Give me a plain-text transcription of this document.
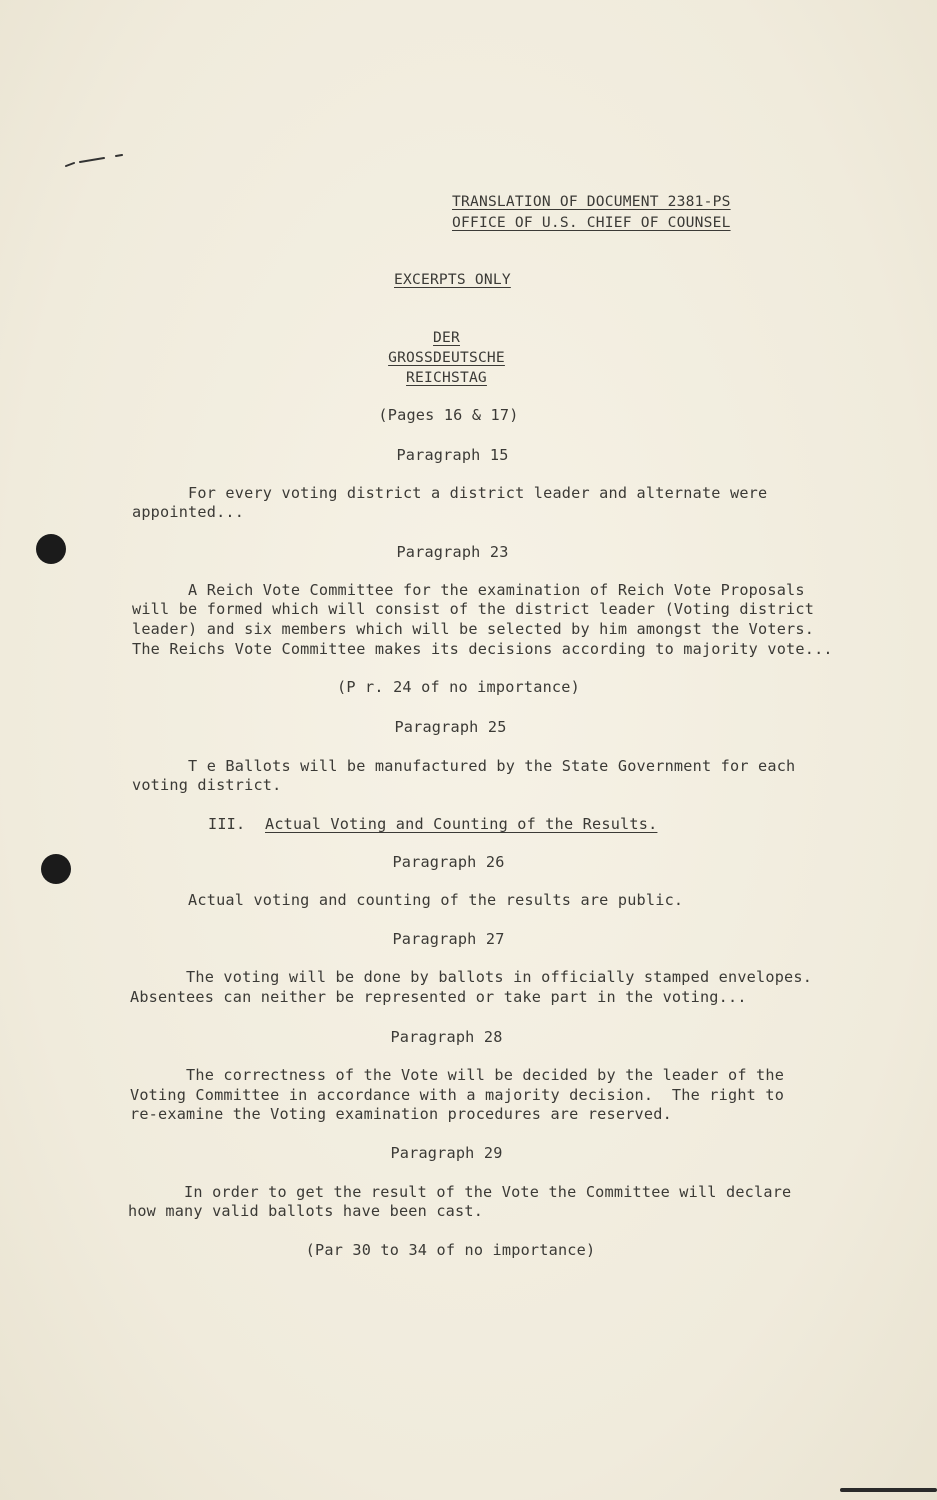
TRANSLATION OF DOCUMENT 2381-PS
OFFICE OF U.S. CHIEF OF COUNSEL
EXCERPTS ONLY
DER
GROSSDEUTSCHE
REICHSTAG
(Pages 16 & 17)
Paragraph 15
For every voting district a district leader and alternate were
appointed...
Paragraph 23
A Reich Vote Committee for the examination of Reich Vote Proposals
will be formed which will consist of the district leader (Voting district
leader) and six members which will be selected by him amongst the Voters.
The Reichs Vote Committee makes its decisions according to majority vote...
(P r. 24 of no importance)
Paragraph 25
T e Ballots will be manufactured by the State Government for each
voting district.
III. Actual Voting and Counting of the Results.
Paragraph 26
Actual voting and counting of the results are public.
Paragraph 27
The voting will be done by ballots in officially stamped envelopes.
Absentees can neither be represented or take part in the voting...
Paragraph 28
The correctness of the Vote will be decided by the leader of the
Voting Committee in accordance with a majority decision.  The right to
re-examine the Voting examination procedures are reserved.
Paragraph 29
In order to get the result of the Vote the Committee will declare
how many valid ballots have been cast.
(Par 30 to 34 of no importance)
